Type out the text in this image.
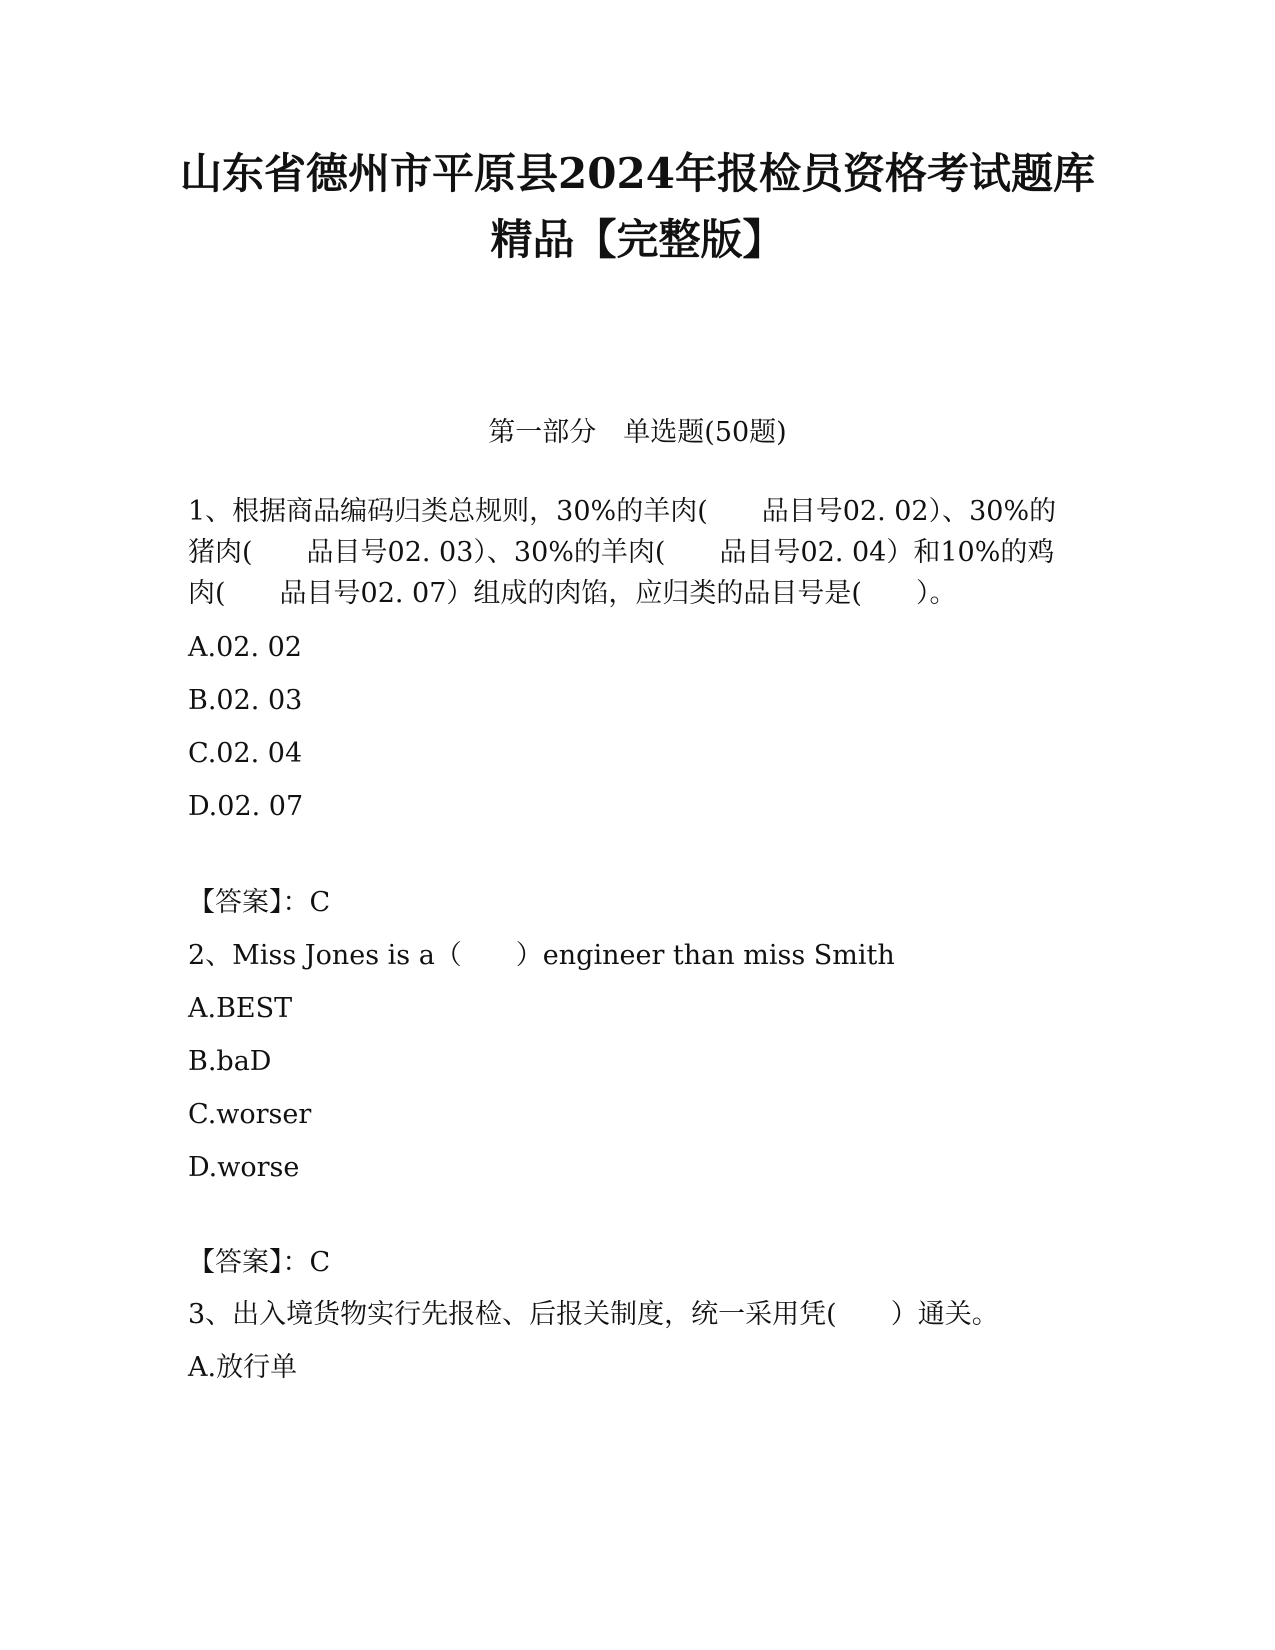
山东省德州市平原县2024年报检员资格考试题库
精品【完整版】
第一部分　单选题(50题)
1、根据商品编码归类总规则，30%的羊肉(　　品目号02. 02）、30%的
猪肉(　　品目号02. 03）、30%的羊肉(　　品目号02. 04）和10%的鸡
肉(　　品目号02. 07）组成的肉馅，应归类的品目号是(　　）。
A.02. 02
B.02. 03
C.02. 04
D.02. 07
【答案】：C
2、Miss Jones is a（　　）engineer than miss Smith
A.BEST
B.baD
C.worser
D.worse
【答案】：C
3、出入境货物实行先报检、后报关制度，统一采用凭(　　）通关。
A.放行单
